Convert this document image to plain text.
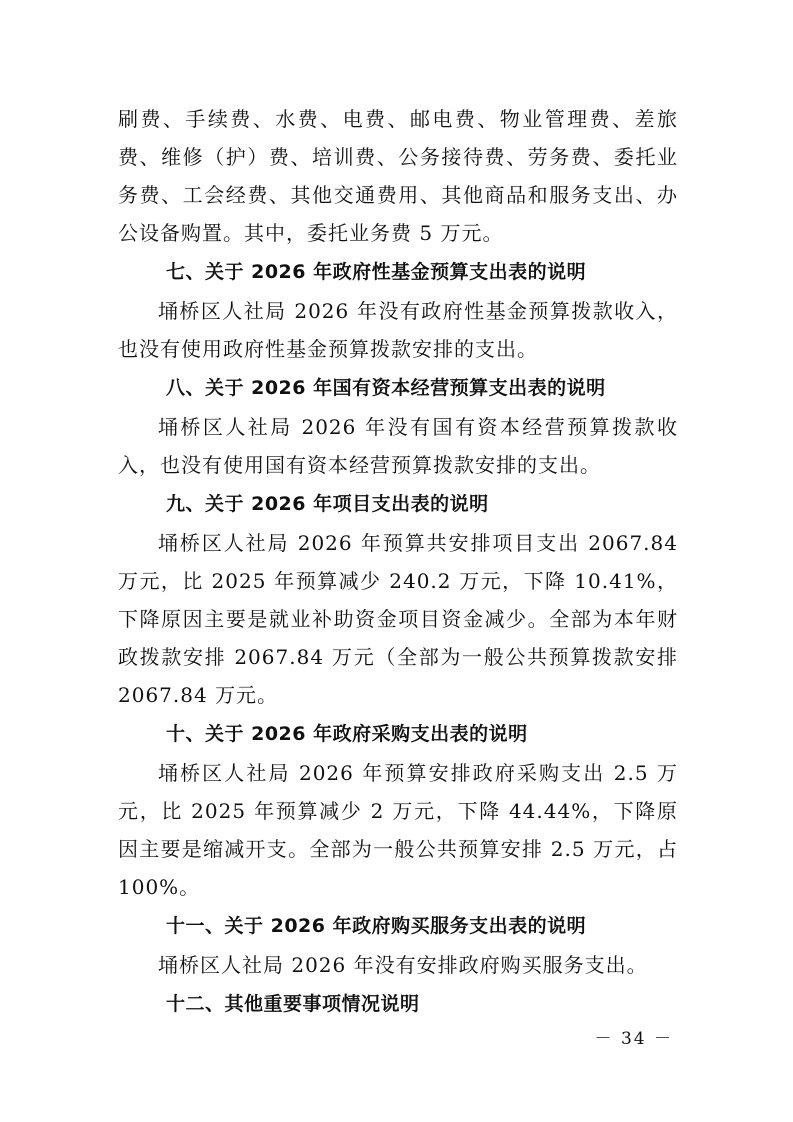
刷费、手续费、水费、电费、邮电费、物业管理费、差旅费、维修（护）费、培训费、公务接待费、劳务费、委托业务费、工会经费、其他交通费用、其他商品和服务支出、办公设备购置。其中，委托业务费 5 万元。

七、关于 2026 年政府性基金预算支出表的说明

埇桥区人社局 2026 年没有政府性基金预算拨款收入，也没有使用政府性基金预算拨款安排的支出。

八、关于 2026 年国有资本经营预算支出表的说明

埇桥区人社局 2026 年没有国有资本经营预算拨款收入，也没有使用国有资本经营预算拨款安排的支出。

九、关于 2026 年项目支出表的说明

埇桥区人社局 2026 年预算共安排项目支出 2067.84 万元，比 2025 年预算减少 240.2 万元，下降 10.41%，下降原因主要是就业补助资金项目资金减少。全部为本年财政拨款安排 2067.84 万元（全部为一般公共预算拨款安排 2067.84 万元。

十、关于 2026 年政府采购支出表的说明

埇桥区人社局 2026 年预算安排政府采购支出 2.5 万元，比 2025 年预算减少 2 万元，下降 44.44%，下降原因主要是缩减开支。全部为一般公共预算安排 2.5 万元，占 100%。

十一、关于 2026 年政府购买服务支出表的说明

埇桥区人社局 2026 年没有安排政府购买服务支出。

十二、其他重要事项情况说明
－ 34 －
